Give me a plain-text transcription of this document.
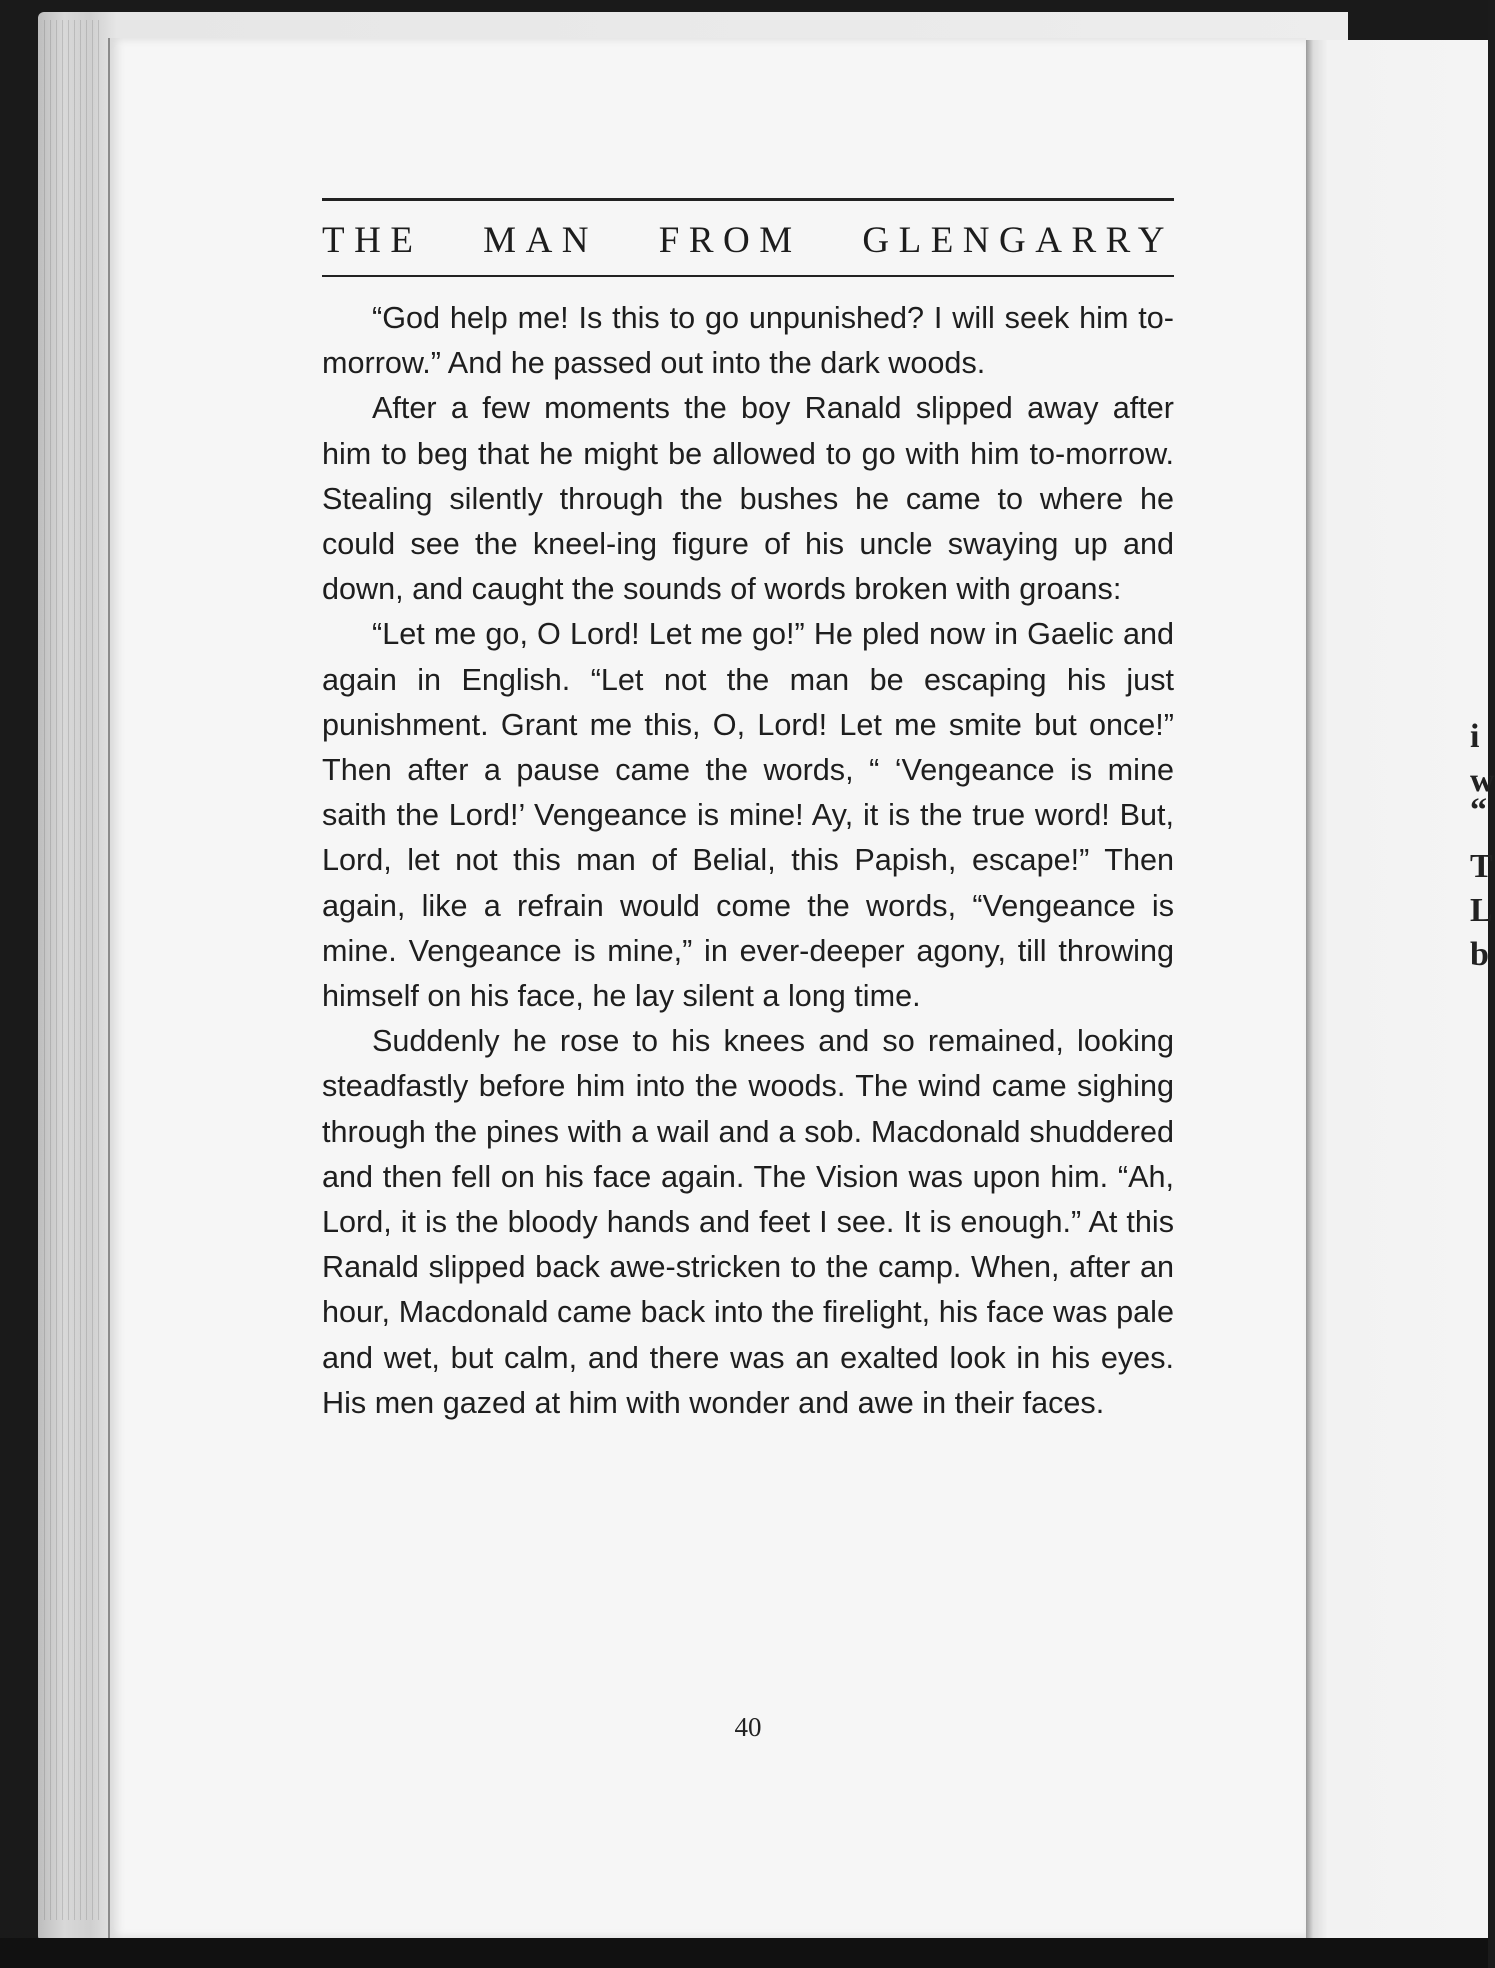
i
w
“
T
L
b
THE MAN FROM GLENGARRY

“God help me! Is this to go unpunished? I will seek him to-morrow.” And he passed out into the dark woods.

After a few moments the boy Ranald slipped away after him to beg that he might be allowed to go with him to-morrow. Stealing silently through the bushes he came to where he could see the kneel-ing figure of his uncle swaying up and down, and caught the sounds of words broken with groans:

“Let me go, O Lord! Let me go!” He pled now in Gaelic and again in English. “Let not the man be escaping his just punishment. Grant me this, O, Lord! Let me smite but once!” Then after a pause came the words, “ ‘Vengeance is mine saith the Lord!’ Vengeance is mine! Ay, it is the true word! But, Lord, let not this man of Belial, this Papish, escape!” Then again, like a refrain would come the words, “Vengeance is mine. Vengeance is mine,” in ever-deeper agony, till throwing himself on his face, he lay silent a long time.

Suddenly he rose to his knees and so remained, looking steadfastly before him into the woods. The wind came sighing through the pines with a wail and a sob. Macdonald shuddered and then fell on his face again. The Vision was upon him. “Ah, Lord, it is the bloody hands and feet I see. It is enough.” At this Ranald slipped back awe-stricken to the camp. When, after an hour, Macdonald came back into the firelight, his face was pale and wet, but calm, and there was an exalted look in his eyes. His men gazed at him with wonder and awe in their faces.

40
